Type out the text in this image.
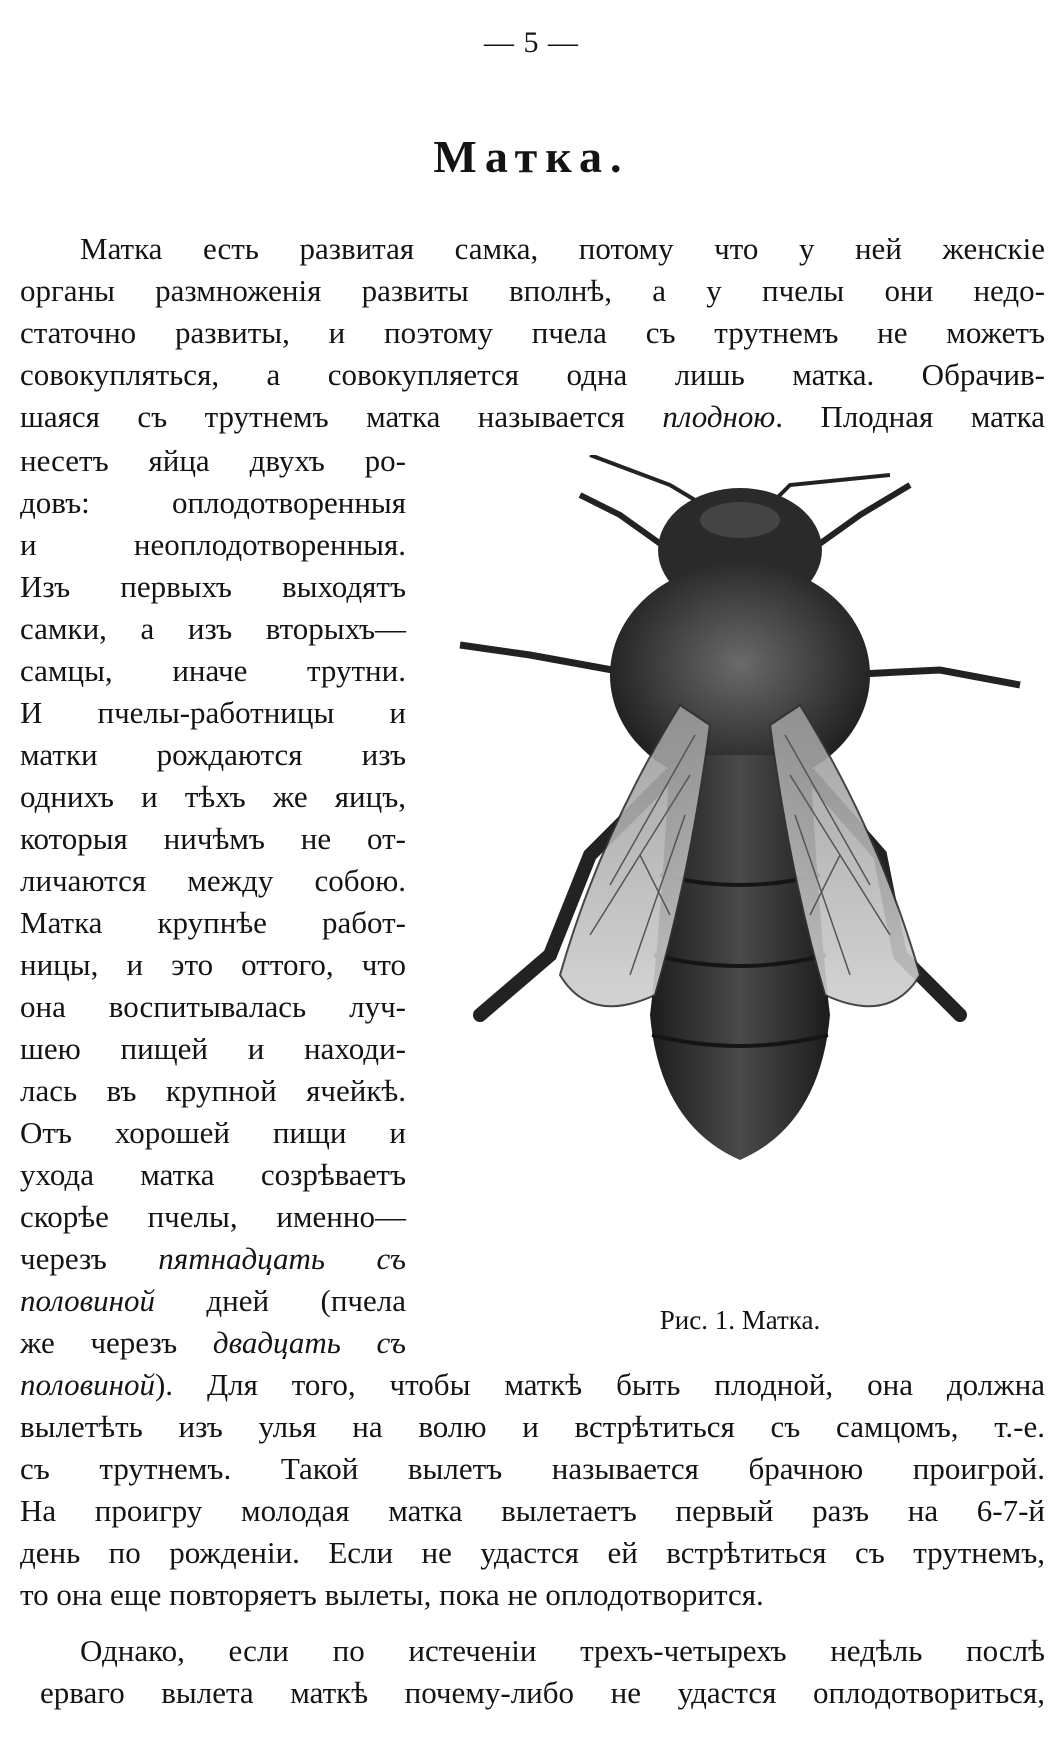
— 5 —
Матка.
Матка есть развитая самка, потому что у ней женскіе
органы размноженія развиты вполнѣ, а у пчелы они недо-
статочно развиты, и поэтому пчела съ трутнемъ не можетъ
совокупляться, а совокупляется одна лишь матка. Обрачив-
шаяся съ трутнемъ матка называется плодною. Плодная матка
несетъ яйца двухъ ро-
довъ: оплодотворенныя
и неоплодотворенныя.
Изъ первыхъ выходятъ
самки, а изъ вторыхъ—
самцы, иначе трутни.
И пчелы-работницы и
матки рождаются изъ
однихъ и тѣхъ же яицъ,
которыя ничѣмъ не от-
личаются между собою.
Матка крупнѣе работ-
ницы, и это оттого, что
она воспитывалась луч-
шею пищей и находи-
лась въ крупной ячейкѣ.
Отъ хорошей пищи и
ухода матка созрѣваетъ
скорѣе пчелы, именно—
черезъ пятнадцать съ
половиной дней (пчела
же черезъ двадцать съ
Рис. 1. Матка.
половиной). Для того, чтобы маткѣ быть плодной, она должна
вылетѣть изъ улья на волю и встрѣтиться съ самцомъ, т.-е.
съ трутнемъ. Такой вылетъ называется брачною проигрой.
На проигру молодая матка вылетаетъ первый разъ на 6-7-й
день по рожденіи. Если не удастся ей встрѣтиться съ трутнемъ,
то она еще повторяетъ вылеты, пока не оплодотворится.
Однако, если по истеченіи трехъ-четырехъ недѣль послѣ
ерваго вылета маткѣ почему-либо не удастся оплодотвориться,
